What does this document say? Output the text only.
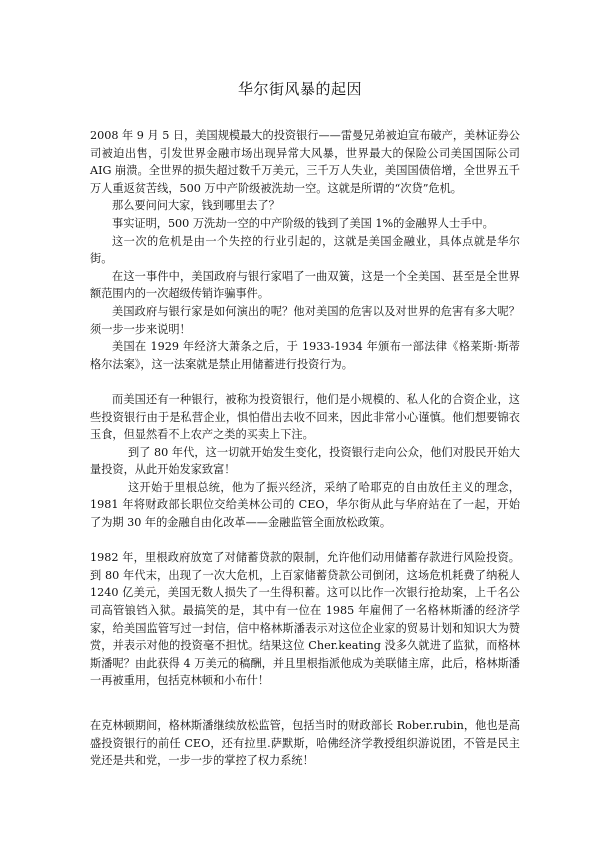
华尔街风暴的起因

2008 年 9 月 5 日，美国规模最大的投资银行——雷曼兄弟被迫宣布破产，美林证券公司被迫出售，引发世界金融市场出现异常大风暴，世界最大的保险公司美国国际公司 AIG 崩溃。全世界的损失超过数千万美元，三千万人失业，美国国债倍增，全世界五千万人重返贫苦线，500 万中产阶级被洗劫一空。这就是所谓的“次贷”危机。

那么要问问大家，钱到哪里去了？

事实证明，500 万洗劫一空的中产阶级的钱到了美国 1%的金融界人士手中。

这一次的危机是由一个失控的行业引起的，这就是美国金融业，具体点就是华尔街。

在这一事件中，美国政府与银行家唱了一曲双簧，这是一个全美国、甚至是全世界额范围内的一次超级传销诈骗事件。

美国政府与银行家是如何演出的呢？他对美国的危害以及对世界的危害有多大呢？须一步一步来说明！

美国在 1929 年经济大萧条之后，于 1933-1934 年颁布一部法律《格莱斯·斯蒂格尔法案》，这一法案就是禁止用储蓄进行投资行为。

而美国还有一种银行，被称为投资银行，他们是小规模的、私人化的合资企业，这些投资银行由于是私营企业，惧怕借出去收不回来，因此非常小心谨慎。他们想要锦衣玉食，但显然看不上农产之类的买卖上下注。

到了 80 年代，这一切就开始发生变化，投资银行走向公众，他们对股民开始大量投资，从此开始发家致富！

这开始于里根总统，他为了振兴经济，采纳了哈耶克的自由放任主义的理念，1981 年将财政部长职位交给美林公司的 CEO，华尔街从此与华府站在了一起，开始了为期 30 年的金融自由化改革——金融监管全面放松政策。

1982 年，里根政府放宽了对储蓄贷款的限制，允许他们动用储蓄存款进行风险投资。到 80 年代末，出现了一次大危机，上百家储蓄贷款公司倒闭，这场危机耗费了纳税人 1240 亿美元，美国无数人损失了一生得积蓄。这可以比作一次银行抢劫案，上千名公司高管锒铛入狱。最搞笑的是，其中有一位在 1985 年雇佣了一名格林斯潘的经济学家，给美国监管写过一封信，信中格林斯潘表示对这位企业家的贸易计划和知识大为赞赏，并表示对他的投资毫不担忧。结果这位 Cher.keating 没多久就进了监狱，而格林斯潘呢？由此获得 4 万美元的稿酬，并且里根指派他成为美联储主席，此后，格林斯潘一再被重用，包括克林顿和小布什！

在克林顿期间，格林斯潘继续放松监管，包括当时的财政部长 Rober.rubin，他也是高盛投资银行的前任 CEO，还有拉里.萨默斯，哈佛经济学教授组织游说团，不管是民主党还是共和党，一步一步的掌控了权力系统！
